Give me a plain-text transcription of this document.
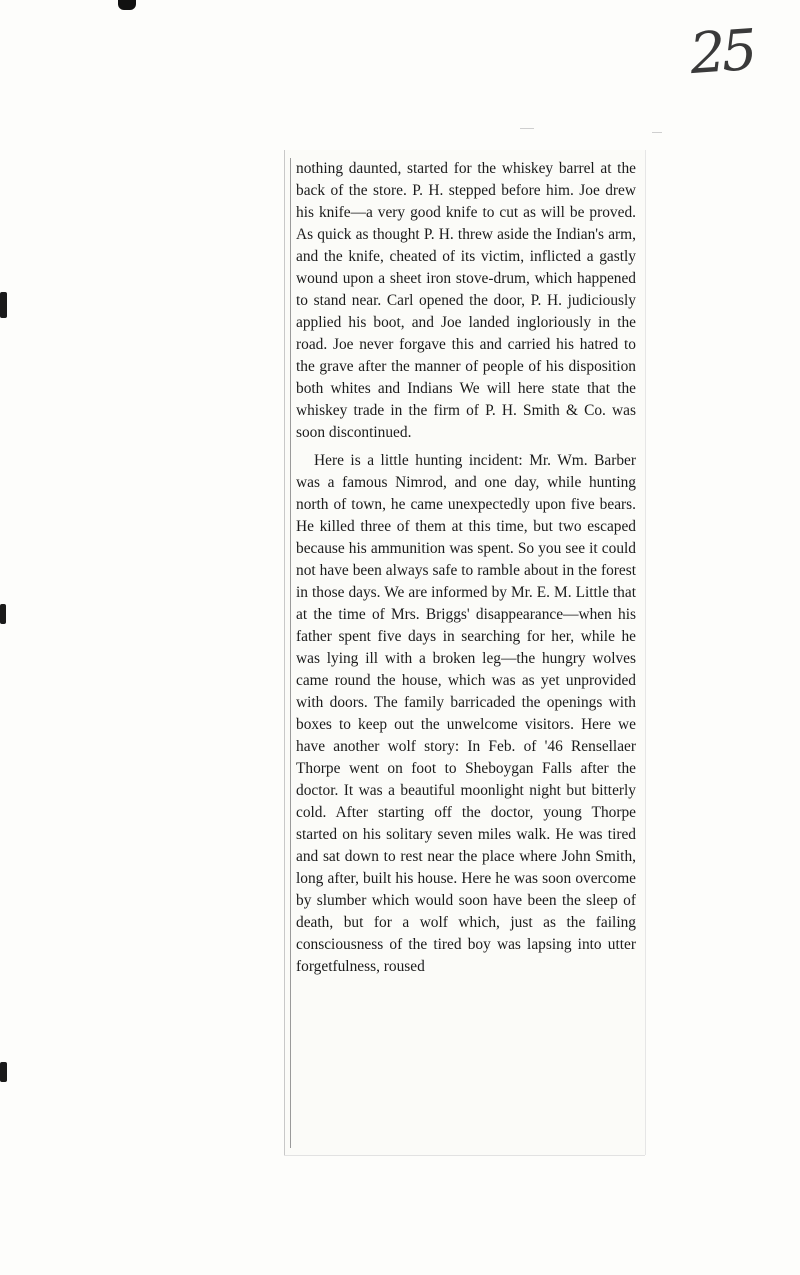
25

nothing daunted, started for the whiskey barrel at the back of the store. P. H. stepped before him. Joe drew his knife—a very good knife to cut as will be proved. As quick as thought P. H. threw aside the Indian's arm, and the knife, cheated of its victim, inflicted a gastly wound upon a sheet iron stove-drum, which happened to stand near. Carl opened the door, P. H. judiciously applied his boot, and Joe landed ingloriously in the road. Joe never forgave this and carried his hatred to the grave after the manner of people of his disposition both whites and Indians We will here state that the whiskey trade in the firm of P. H. Smith & Co. was soon discontinued.

Here is a little hunting incident: Mr. Wm. Barber was a famous Nimrod, and one day, while hunting north of town, he came unexpectedly upon five bears. He killed three of them at this time, but two escaped because his ammunition was spent. So you see it could not have been always safe to ramble about in the forest in those days. We are informed by Mr. E. M. Little that at the time of Mrs. Briggs' disappearance—when his father spent five days in searching for her, while he was lying ill with a broken leg—the hungry wolves came round the house, which was as yet unprovided with doors. The family barricaded the openings with boxes to keep out the unwelcome visitors. Here we have another wolf story: In Feb. of '46 Rensellaer Thorpe went on foot to Sheboygan Falls after the doctor. It was a beautiful moonlight night but bitterly cold. After starting off the doctor, young Thorpe started on his solitary seven miles walk. He was tired and sat down to rest near the place where John Smith, long after, built his house. Here he was soon overcome by slumber which would soon have been the sleep of death, but for a wolf which, just as the failing consciousness of the tired boy was lapsing into utter forgetfulness, roused
